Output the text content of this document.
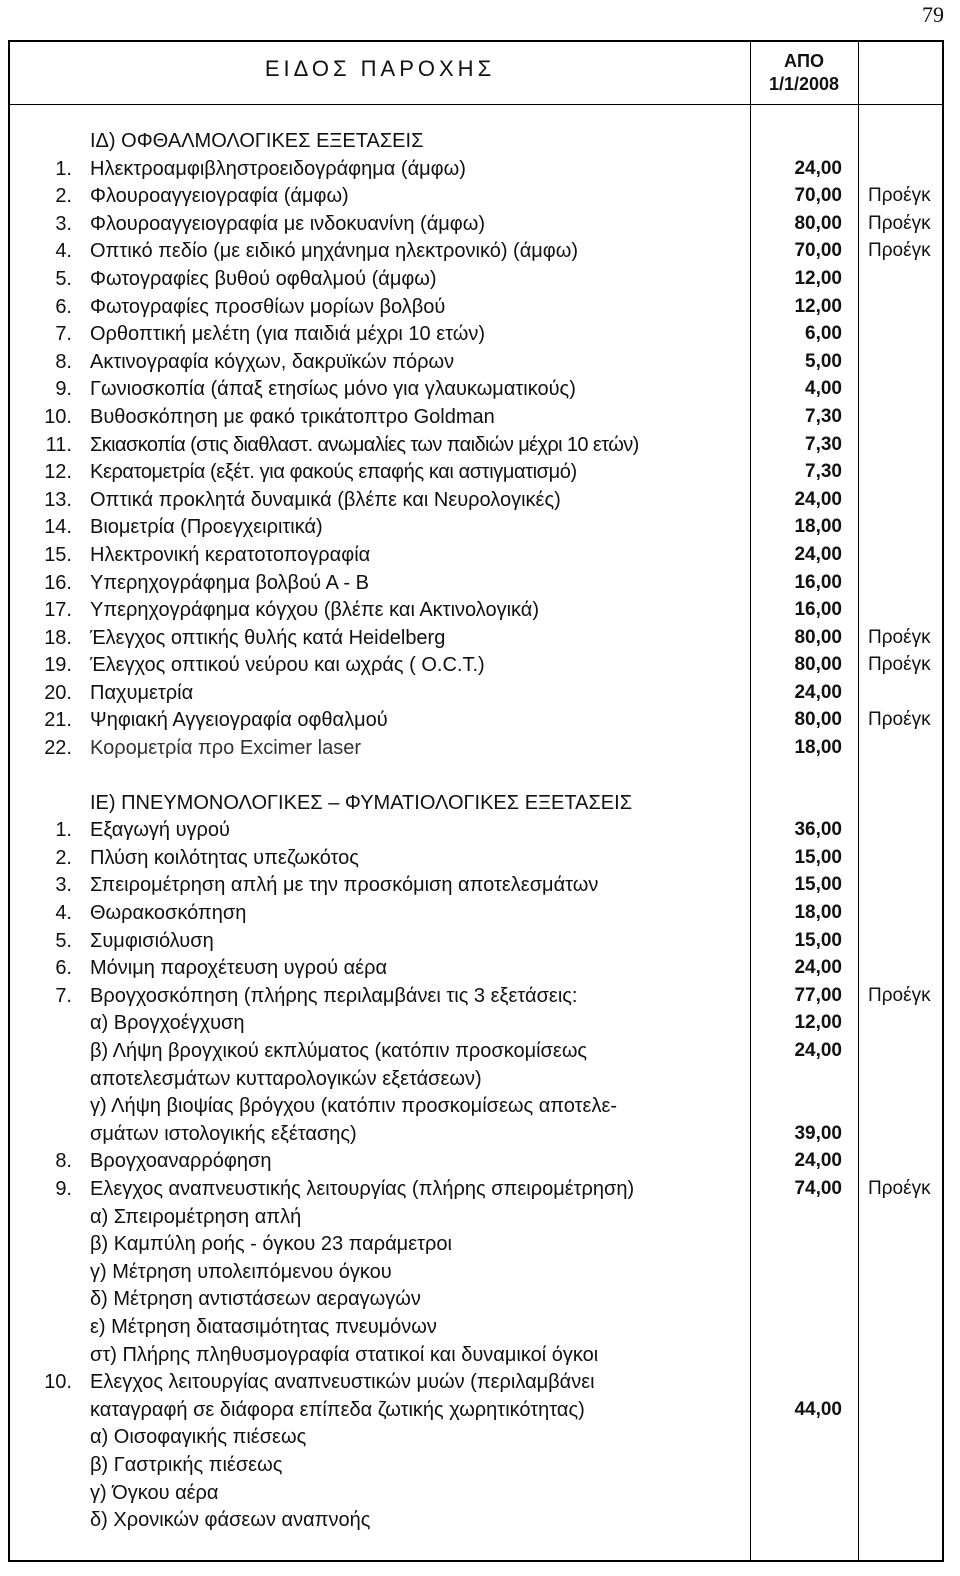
79
ΕΙΔΟΣ ΠΑΡΟΧΗΣ	ΑΠΟ
1/1/2008
ΙΔ) ΟΦΘΑΛΜΟΛΟΓΙΚΕΣ ΕΞΕΤΑΣΕΙΣ
1. Ηλεκτροαμφιβληστροειδογράφημα (άμφω)	24,00
2. Φλουροαγγειογραφία (άμφω)	70,00 Προέγκ
3. Φλουροαγγειογραφία με ινδοκυανίνη (άμφω)	80,00 Προέγκ
4. Οπτικό πεδίο (με ειδικό μηχάνημα ηλεκτρονικό) (άμφω)	70,00 Προέγκ
5. Φωτογραφίες βυθού οφθαλμού (άμφω)	12,00
6. Φωτογραφίες προσθίων μορίων βολβού	12,00
7. Ορθοπτική μελέτη (για παιδιά μέχρι 10 ετών)	6,00
8. Ακτινογραφία κόγχων, δακρυϊκών πόρων	5,00
9. Γωνιοσκοπία (άπαξ ετησίως μόνο για γλαυκωματικούς)	4,00
10. Βυθοσκόπηση με φακό τρικάτοπτρο Goldman	7,30
11. Σκιασκοπία (στις διαθλαστ. ανωμαλίες των παιδιών μέχρι 10 ετών)	7,30
12. Κερατομετρία (εξέτ. για φακούς επαφής και αστιγματισμό)	7,30
13. Οπτικά προκλητά δυναμικά (βλέπε και Νευρολογικές)	24,00
14. Βιομετρία (Προεγχειριτικά)	18,00
15. Ηλεκτρονική κερατοτοπογραφία	24,00
16. Υπερηχογράφημα βολβού Α - Β	16,00
17. Υπερηχογράφημα κόγχου (βλέπε και Ακτινολογικά)	16,00
18. Έλεγχος οπτικής θυλής κατά Heidelberg	80,00 Προέγκ
19. Έλεγχος οπτικού νεύρου και ωχράς ( Ο.C.Τ.)	80,00 Προέγκ
20. Παχυμετρία	24,00
21. Ψηφιακή Αγγειογραφία οφθαλμού	80,00 Προέγκ
22. Κορομετρία προ Excimer laser	18,00
ΙΕ) ΠΝΕΥΜΟΝΟΛΟΓΙΚΕΣ – ΦΥΜΑΤΙΟΛΟΓΙΚΕΣ ΕΞΕΤΑΣΕΙΣ
1. Εξαγωγή υγρού	36,00
2. Πλύση κοιλότητας υπεζωκότος	15,00
3. Σπειρομέτρηση απλή με την προσκόμιση αποτελεσμάτων	15,00
4. Θωρακοσκόπηση	18,00
5. Συμφισιόλυση	15,00
6. Μόνιμη παροχέτευση υγρού αέρα	24,00
7. Βρογχοσκόπηση (πλήρης περιλαμβάνει τις 3 εξετάσεις:	77,00 Προέγκ
α) Βρογχοέγχυση	12,00
β) Λήψη βρογχικού εκπλύματος (κατόπιν προσκομίσεως	24,00
αποτελεσμάτων κυτταρολογικών εξετάσεων)
γ) Λήψη βιοψίας βρόγχου (κατόπιν προσκομίσεως αποτελε-
σμάτων ιστολογικής εξέτασης)	39,00
8. Βρογχοαναρρόφηση	24,00
9. Ελεγχος αναπνευστικής λειτουργίας (πλήρης σπειρομέτρηση)	74,00 Προέγκ
α) Σπειρομέτρηση απλή
β) Καμπύλη ροής - όγκου 23 παράμετροι
γ) Μέτρηση υπολειπόμενου όγκου
δ) Μέτρηση αντιστάσεων αεραγωγών
ε) Μέτρηση διατασιμότητας πνευμόνων
στ) Πλήρης πληθυσμογραφία στατικοί και δυναμικοί όγκοι
10. Ελεγχος λειτουργίας αναπνευστικών μυών (περιλαμβάνει
καταγραφή σε διάφορα επίπεδα ζωτικής χωρητικότητας)	44,00
α) Οισοφαγικής πιέσεως
β) Γαστρικής πιέσεως
γ) Όγκου αέρα
δ) Χρονικών φάσεων αναπνοής
